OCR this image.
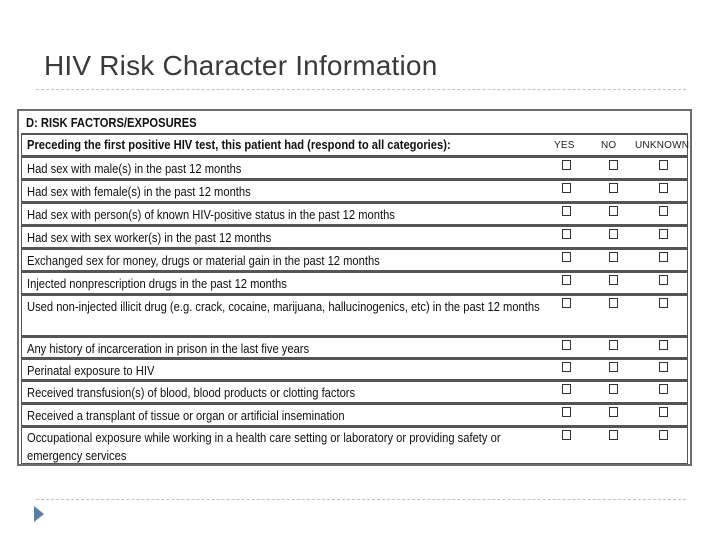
HIV Risk Character Information
D: RISK FACTORS/EXPOSURES
Preceding the first positive HIV test, this patient had (respond to all categories):	YES	NO UNKNOWN
Had sex with male(s) in the past 12 months
Had sex with female(s) in the past 12 months
Had sex with person(s) of known HIV-positive status in the past 12 months
Had sex with sex worker(s) in the past 12 months
Exchanged sex for money, drugs or material gain in the past 12 months
Injected nonprescription drugs in the past 12 months
Used non-injected illicit drug (e.g. crack, cocaine, marijuana, hallucinogenics, etc) in the past 12 months
Any history of incarceration in prison in the last five years
Perinatal exposure to HIV
Received transfusion(s) of blood, blood products or clotting factors
Received a transplant of tissue or organ or artificial insemination
Occupational exposure while working in a health care setting or laboratory or providing safety or emergency services
